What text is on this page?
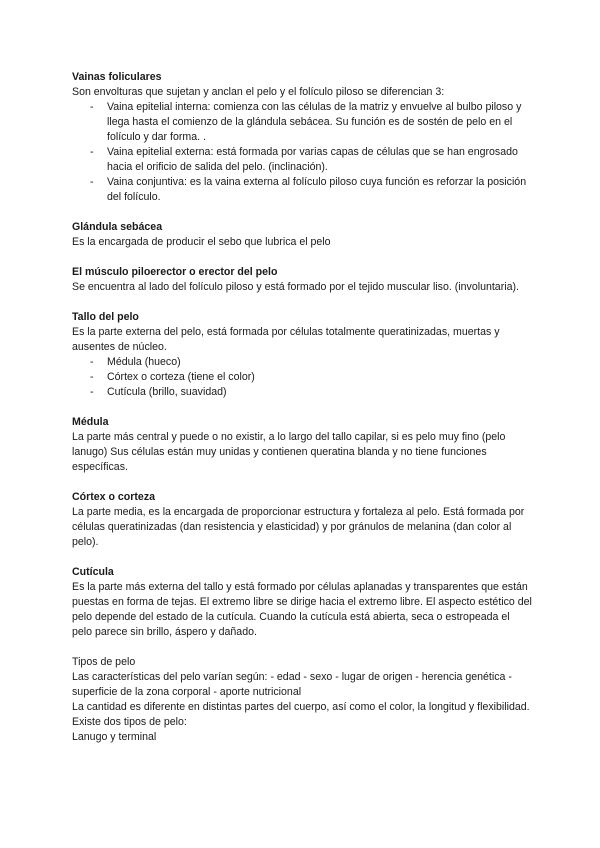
Vainas foliculares

Son envolturas que sujetan y anclan el pelo y el folículo piloso se diferencian 3:

- Vaina epitelial interna: comienza con las células de la matriz y envuelve al bulbo piloso y llega hasta el comienzo de la glándula sebácea. Su función es de sostén de pelo en el folículo y dar forma. .
- Vaina epitelial externa: está formada por varias capas de células que se han engrosado hacia el orificio de salida del pelo. (inclinación).
- Vaina conjuntiva: es la vaina externa al folículo piloso cuya función es reforzar la posición del folículo.
Glándula sebácea

Es la encargada de producir el sebo que lubrica el pelo

El músculo piloerector o erector del pelo

Se encuentra al lado del folículo piloso y está formado por el tejido muscular liso. (involuntaria).

Tallo del pelo

Es la parte externa del pelo, está formada por células totalmente queratinizadas, muertas y ausentes de núcleo.

- Médula (hueco)
- Córtex o corteza (tiene el color)
- Cutícula (brillo, suavidad)
Médula

La parte más central y puede o no existir, a lo largo del tallo capilar, si es pelo muy fino (pelo lanugo) Sus células están muy unidas y contienen queratina blanda y no tiene funciones específicas.

Córtex o corteza

La parte media, es la encargada de proporcionar estructura y fortaleza al pelo. Está formada por células queratinizadas (dan resistencia y elasticidad) y por gránulos de melanina (dan color al pelo).

Cutícula

Es la parte más externa del tallo y está formado por células aplanadas y transparentes que están puestas en forma de tejas. El extremo libre se dirige hacia el extremo libre. El aspecto estético del pelo depende del estado de la cutícula. Cuando la cutícula está abierta, seca o estropeada el pelo parece sin brillo, áspero y dañado.

Tipos de pelo

Las características del pelo varían según: - edad - sexo - lugar de origen - herencia genética - superficie de la zona corporal - aporte nutricional

La cantidad es diferente en distintas partes del cuerpo, así como el color, la longitud y flexibilidad.

Existe dos tipos de pelo:

Lanugo y terminal
